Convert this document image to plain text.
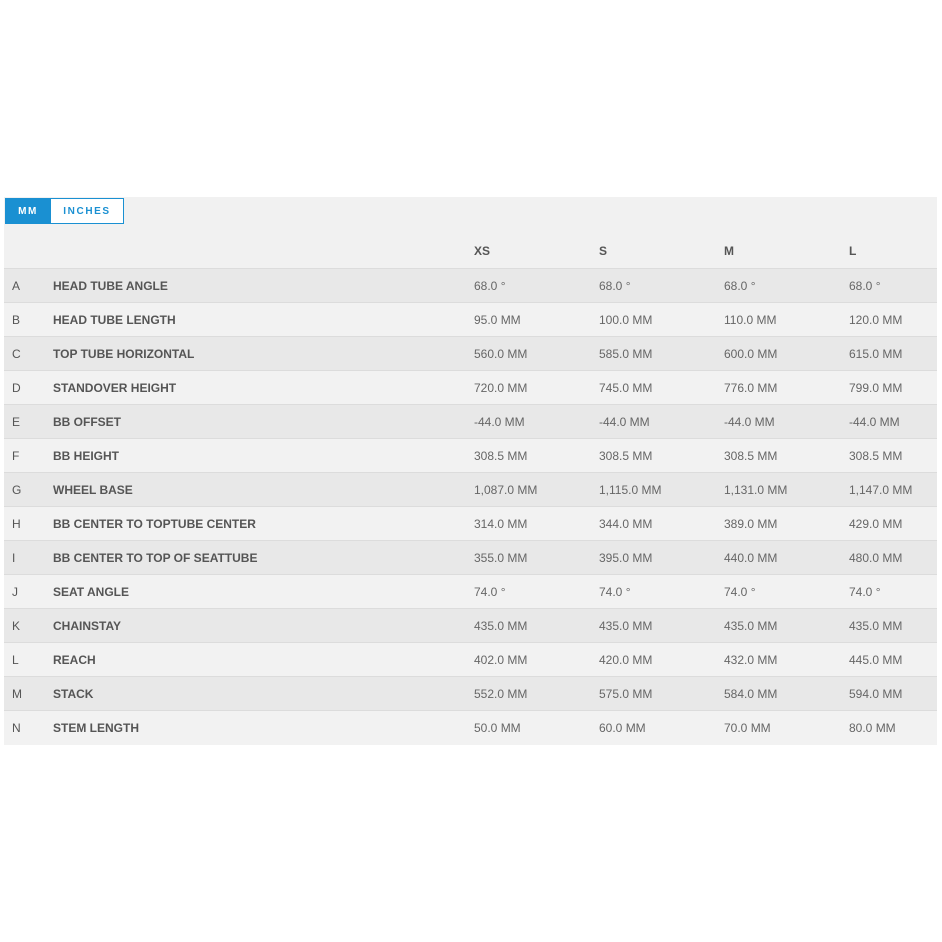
MM	INCHES
		XS	S	M	L
A	HEAD TUBE ANGLE	68.0 °	68.0 °	68.0 °	68.0 °
B	HEAD TUBE LENGTH	95.0 MM	100.0 MM	110.0 MM	120.0 MM
C	TOP TUBE HORIZONTAL	560.0 MM	585.0 MM	600.0 MM	615.0 MM
D	STANDOVER HEIGHT	720.0 MM	745.0 MM	776.0 MM	799.0 MM
E	BB OFFSET	-44.0 MM	-44.0 MM	-44.0 MM	-44.0 MM
F	BB HEIGHT	308.5 MM	308.5 MM	308.5 MM	308.5 MM
G	WHEEL BASE	1,087.0 MM	1,115.0 MM	1,131.0 MM	1,147.0 MM
H	BB CENTER TO TOPTUBE CENTER	314.0 MM	344.0 MM	389.0 MM	429.0 MM
I	BB CENTER TO TOP OF SEATTUBE	355.0 MM	395.0 MM	440.0 MM	480.0 MM
J	SEAT ANGLE	74.0 °	74.0 °	74.0 °	74.0 °
K	CHAINSTAY	435.0 MM	435.0 MM	435.0 MM	435.0 MM
L	REACH	402.0 MM	420.0 MM	432.0 MM	445.0 MM
M	STACK	552.0 MM	575.0 MM	584.0 MM	594.0 MM
N	STEM LENGTH	50.0 MM	60.0 MM	70.0 MM	80.0 MM
